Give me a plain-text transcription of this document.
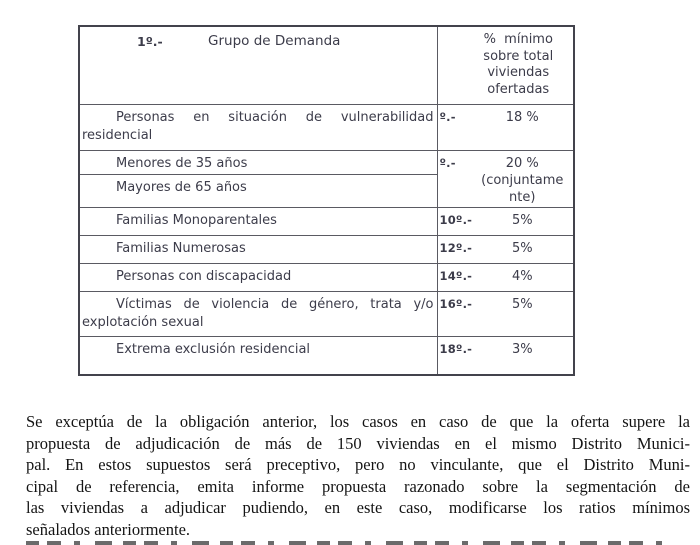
1º.-	Grupo de Demanda	%  mínimo
sobre total
viviendas
ofertadas

Personas en situación de vulnerabilidad residencial	º.- 18 %

Menores de 35 años	º.- 20 %
(conjuntame
nte)

Mayores de 65 años	
Familias Monoparentales	10º.- 5%

Familias Numerosas	12º.- 5%

Personas con discapacidad	14º.- 4%

Víctimas de violencia de género, trata y/o explotación sexual	16º.- 5%

Extrema exclusión residencial	18º.- 3%
Se exceptúa de la obligación anterior, los casos en caso de que la oferta supere la
propuesta de adjudicación de más de 150 viviendas en el mismo Distrito Munici-
pal. En estos supuestos será preceptivo, pero no vinculante, que el Distrito Muni-
cipal de referencia, emita informe propuesta razonado sobre la segmentación de
las viviendas a adjudicar pudiendo, en este caso, modificarse los ratios mínimos
señalados anteriormente.
